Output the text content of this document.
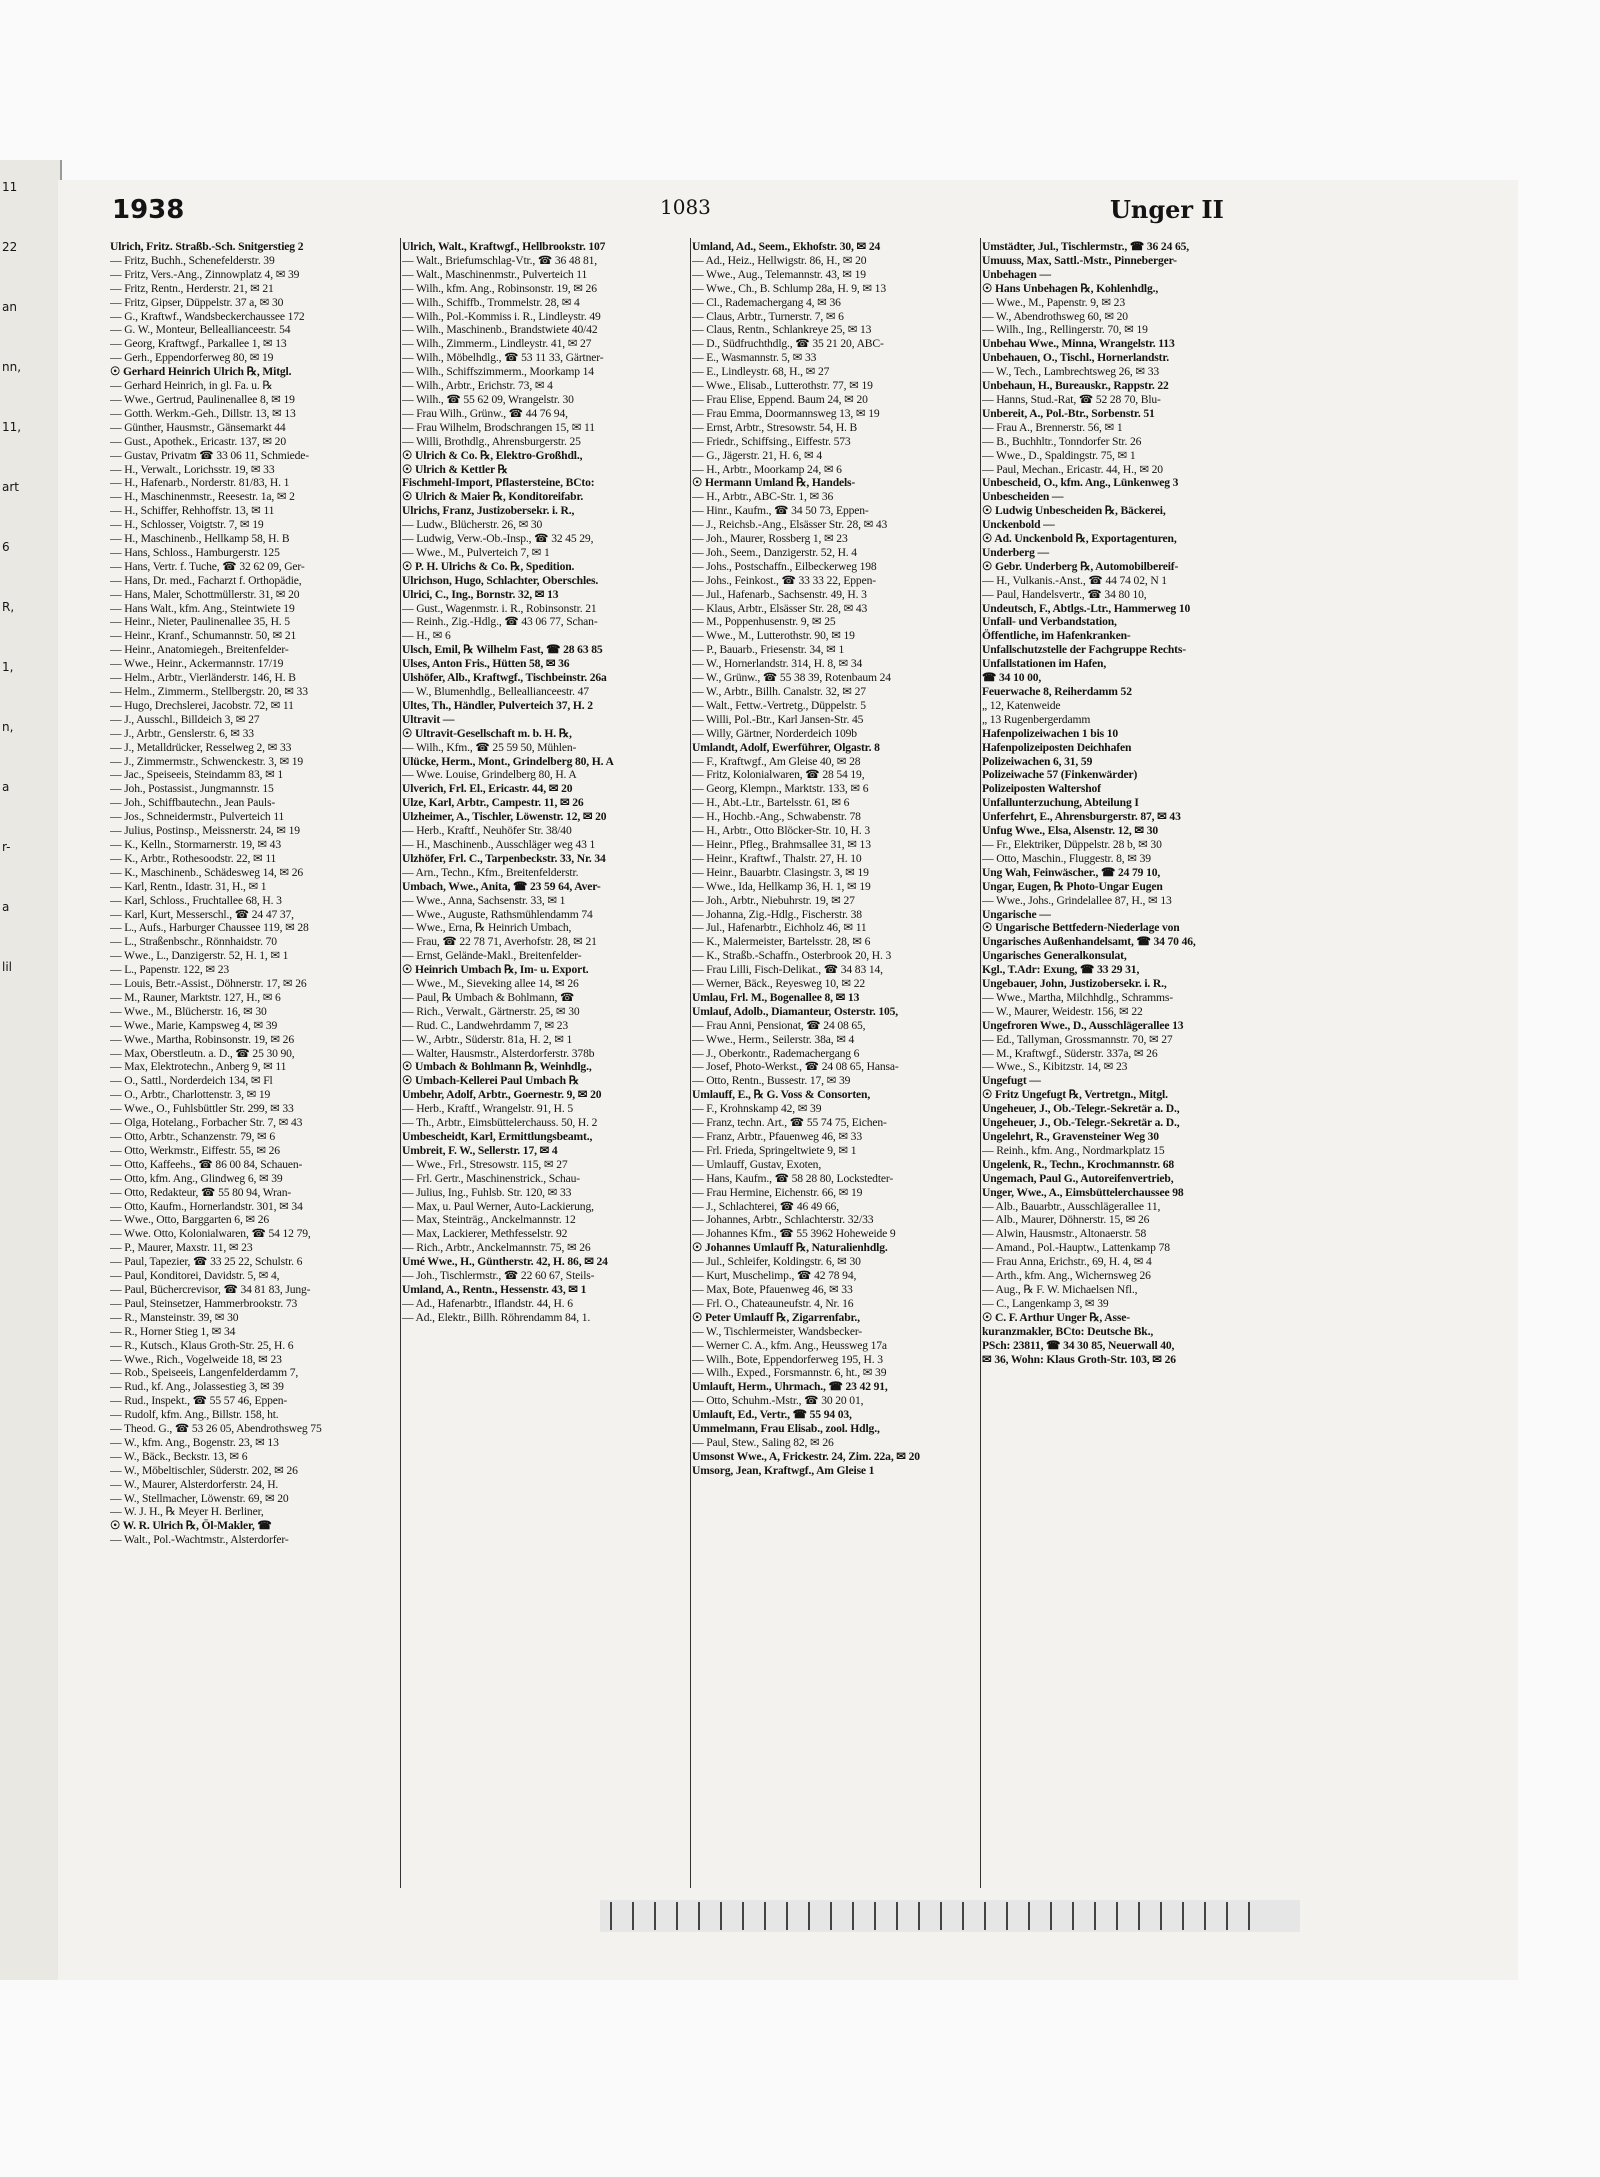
11
22
an
nn,
11,
art
6
R,
1,
n,
a
r-
a
lil
1938	1083	Unger II
Ulrich, Fritz. Straßb.-Sch. Snitgerstieg 2
— Fritz, Buchh., Schenefelderstr. 39
— Fritz, Vers.-Ang., Zinnowplatz 4, ✉ 39
— Fritz, Rentn., Herderstr. 21, ✉ 21
— Fritz, Gipser, Düppelstr. 37 a, ✉ 30
— G., Kraftwf., Wandsbeckerchaussee 172
— G. W., Monteur, Belleallianceestr. 54
— Georg, Kraftwgf., Parkallee 1, ✉ 13
— Gerh., Eppendorferweg 80, ✉ 19
☉ Gerhard Heinrich Ulrich ℞, Mitgl.
— Gerhard Heinrich, in gl. Fa. u. ℞
— Wwe., Gertrud, Paulinenallee 8, ✉ 19
— Gotth. Werkm.-Geh., Dillstr. 13, ✉ 13
— Günther, Hausmstr., Gänsemarkt 44
— Gust., Apothek., Ericastr. 137, ✉ 20
— Gustav, Privatm ☎ 33 06 11, Schmiede-
— H., Verwalt., Lorichsstr. 19, ✉ 33
— H., Hafenarb., Norderstr. 81/83, H. 1
— H., Maschinenmstr., Reesestr. 1a, ✉ 2
— H., Schiffer, Rehhoffstr. 13, ✉ 11
— H., Schlosser, Voigtstr. 7, ✉ 19
— H., Maschinenb., Hellkamp 58, H. B
— Hans, Schloss., Hamburgerstr. 125
— Hans, Vertr. f. Tuche, ☎ 32 62 09, Ger-
— Hans, Dr. med., Facharzt f. Orthopädie,
— Hans, Maler, Schottmüllerstr. 31, ✉ 20
— Hans Walt., kfm. Ang., Steintwiete 19
— Heinr., Nieter, Paulinenallee 35, H. 5
— Heinr., Kranf., Schumannstr. 50, ✉ 21
— Heinr., Anatomiegeh., Breitenfelder-
— Wwe., Heinr., Ackermannstr. 17/19
— Helm., Arbtr., Vierländerstr. 146, H. B
— Helm., Zimmerm., Stellbergstr. 20, ✉ 33
— Hugo, Drechslerei, Jacobstr. 72, ✉ 11
— J., Ausschl., Billdeich 3, ✉ 27
— J., Arbtr., Genslerstr. 6, ✉ 33
— J., Metalldrücker, Resselweg 2, ✉ 33
— J., Zimmermstr., Schwenckestr. 3, ✉ 19
— Jac., Speiseeis, Steindamm 83, ✉ 1
— Joh., Postassist., Jungmannstr. 15
— Joh., Schiffbautechn., Jean Pauls-
— Jos., Schneidermstr., Pulverteich 11
— Julius, Postinsp., Meissnerstr. 24, ✉ 19
— K., Kelln., Stormarnerstr. 19, ✉ 43
— K., Arbtr., Rothesoodstr. 22, ✉ 11
— K., Maschinenb., Schädesweg 14, ✉ 26
— Karl, Rentn., Idastr. 31, H., ✉ 1
— Karl, Schloss., Fruchtallee 68, H. 3
— Karl, Kurt, Messerschl., ☎ 24 47 37,
— L., Aufs., Harburger Chaussee 119, ✉ 28
— L., Straßenbschr., Rönnhaidstr. 70
— Wwe., L., Danzigerstr. 52, H. 1, ✉ 1
— L., Papenstr. 122, ✉ 23
— Louis, Betr.-Assist., Döhnerstr. 17, ✉ 26
— M., Rauner, Marktstr. 127, H., ✉ 6
— Wwe., M., Blücherstr. 16, ✉ 30
— Wwe., Marie, Kampsweg 4, ✉ 39
— Wwe., Martha, Robinsonstr. 19, ✉ 26
— Max, Oberstleutn. a. D., ☎ 25 30 90,
— Max, Elektrotechn., Anberg 9, ✉ 11
— O., Sattl., Norderdeich 134, ✉ Fl
— O., Arbtr., Charlottenstr. 3, ✉ 19
— Wwe., O., Fuhlsbüttler Str. 299, ✉ 33
— Olga, Hotelang., Forbacher Str. 7, ✉ 43
— Otto, Arbtr., Schanzenstr. 79, ✉ 6
— Otto, Werkmstr., Eiffestr. 55, ✉ 26
— Otto, Kaffeehs., ☎ 86 00 84, Schauen-
— Otto, kfm. Ang., Glindweg 6, ✉ 39
— Otto, Redakteur, ☎ 55 80 94, Wran-
— Otto, Kaufm., Hornerlandstr. 301, ✉ 34
— Wwe., Otto, Barggarten 6, ✉ 26
— Wwe. Otto, Kolonialwaren, ☎ 54 12 79,
— P., Maurer, Maxstr. 11, ✉ 23
— Paul, Tapezier, ☎ 33 25 22, Schulstr. 6
— Paul, Konditorei, Davidstr. 5, ✉ 4,
— Paul, Büchercrevisor, ☎ 34 81 83, Jung-
— Paul, Steinsetzer, Hammerbrookstr. 73
— R., Mansteinstr. 39, ✉ 30
— R., Horner Stieg 1, ✉ 34
— R., Kutsch., Klaus Groth-Str. 25, H. 6
— Wwe., Rich., Vogelweide 18, ✉ 23
— Rob., Speiseeis, Langenfelderdamm 7,
— Rud., kf. Ang., Jolassestieg 3, ✉ 39
— Rud., Inspekt., ☎ 55 57 46, Eppen-
— Rudolf, kfm. Ang., Billstr. 158, ht.
— Theod. G., ☎ 53 26 05, Abendrothsweg 75
— W., kfm. Ang., Bogenstr. 23, ✉ 13
— W., Bäck., Beckstr. 13, ✉ 6
— W., Möbeltischler, Süderstr. 202, ✉ 26
— W., Maurer, Alsterdorferstr. 24, H.
— W., Stellmacher, Löwenstr. 69, ✉ 20
— W. J. H., ℞ Meyer H. Berliner,
☉ W. R. Ulrich ℞, Öl-Makler, ☎
— Walt., Pol.-Wachtmstr., Alsterdorfer-
Ulrich, Walt., Kraftwgf., Hellbrookstr. 107
— Walt., Briefumschlag-Vtr., ☎ 36 48 81,
— Walt., Maschinenmstr., Pulverteich 11
— Wilh., kfm. Ang., Robinsonstr. 19, ✉ 26
— Wilh., Schiffb., Trommelstr. 28, ✉ 4
— Wilh., Pol.-Kommiss i. R., Lindleystr. 49
— Wilh., Maschinenb., Brandstwiete 40/42
— Wilh., Zimmerm., Lindleystr. 41, ✉ 27
— Wilh., Möbelhdlg., ☎ 53 11 33, Gärtner-
— Wilh., Schiffszimmerm., Moorkamp 14
— Wilh., Arbtr., Erichstr. 73, ✉ 4
— Wilh., ☎ 55 62 09, Wrangelstr. 30
— Frau Wilh., Grünw., ☎ 44 76 94,
— Frau Wilhelm, Brodschrangen 15, ✉ 11
— Willi, Brothdlg., Ahrensburgerstr. 25
☉ Ulrich & Co. ℞, Elektro-Großhdl.,
☉ Ulrich & Kettler ℞
Fischmehl-Import, Pflastersteine, BCto:
☉ Ulrich & Maier ℞, Konditoreifabr.
Ulrichs, Franz, Justizobersekr. i. R.,
— Ludw., Blücherstr. 26, ✉ 30
— Ludwig, Verw.-Ob.-Insp., ☎ 32 45 29,
— Wwe., M., Pulverteich 7, ✉ 1
☉ P. H. Ulrichs & Co. ℞, Spedition.
Ulrichson, Hugo, Schlachter, Oberschles.
Ulrici, C., Ing., Bornstr. 32, ✉ 13
— Gust., Wagenmstr. i. R., Robinsonstr. 21
— Reinh., Zig.-Hdlg., ☎ 43 06 77, Schan-
— H., ✉ 6
Ulsch, Emil, ℞ Wilhelm Fast, ☎ 28 63 85
Ulses, Anton Fris., Hütten 58, ✉ 36
Ulshöfer, Alb., Kraftwgf., Tischbeinstr. 26a
— W., Blumenhdlg., Belleallianceestr. 47
Ultes, Th., Händler, Pulverteich 37, H. 2
Ultravit —
☉ Ultravit-Gesellschaft m. b. H. ℞,
— Wilh., Kfm., ☎ 25 59 50, Mühlen-
Ulücke, Herm., Mont., Grindelberg 80, H. A
— Wwe. Louise, Grindelberg 80, H. A
Ulverich, Frl. El., Ericastr. 44, ✉ 20
Ulze, Karl, Arbtr., Campestr. 11, ✉ 26
Ulzheimer, A., Tischler, Löwenstr. 12, ✉ 20
— Herb., Kraftf., Neuhöfer Str. 38/40
— H., Maschinenb., Ausschläger weg 43 1
Ulzhöfer, Frl. C., Tarpenbeckstr. 33, Nr. 34
— Arn., Techn., Kfm., Breitenfelderstr.
Umbach, Wwe., Anita, ☎ 23 59 64, Aver-
— Wwe., Anna, Sachsenstr. 33, ✉ 1
— Wwe., Auguste, Rathsmühlendamm 74
— Wwe., Erna, ℞ Heinrich Umbach,
— Frau, ☎ 22 78 71, Averhofstr. 28, ✉ 21
— Ernst, Gelände-Makl., Breitenfelder-
☉ Heinrich Umbach ℞, Im- u. Export.
— Wwe., M., Sieveking allee 14, ✉ 26
— Paul, ℞ Umbach & Bohlmann, ☎
— Rich., Verwalt., Gärtnerstr. 25, ✉ 30
— Rud. C., Landwehrdamm 7, ✉ 23
— W., Arbtr., Süderstr. 81a, H. 2, ✉ 1
— Walter, Hausmstr., Alsterdorferstr. 378b
☉ Umbach & Bohlmann ℞, Weinhdlg.,
☉ Umbach-Kellerei Paul Umbach ℞
Umbehr, Adolf, Arbtr., Goernestr. 9, ✉ 20
— Herb., Kraftf., Wrangelstr. 91, H. 5
— Th., Arbtr., Eimsbüttelerchauss. 50, H. 2
Umbescheidt, Karl, Ermittlungsbeamt.,
Umbreit, F. W., Sellerstr. 17, ✉ 4
— Wwe., Frl., Stresowstr. 115, ✉ 27
— Frl. Gertr., Maschinenstrick., Schau-
— Julius, Ing., Fuhlsb. Str. 120, ✉ 33
— Max, u. Paul Werner, Auto-Lackierung,
— Max, Steinträg., Anckelmannstr. 12
— Max, Lackierer, Methfesselstr. 92
— Rich., Arbtr., Anckelmannstr. 75, ✉ 26
Umé Wwe., H., Güntherstr. 42, H. 86, ✉ 24
— Joh., Tischlermstr., ☎ 22 60 67, Steils-
Umland, A., Rentn., Hessenstr. 43, ✉ 1
— Ad., Hafenarbtr., Iflandstr. 44, H. 6
— Ad., Elektr., Billh. Röhrendamm 84, 1.
Umland, Ad., Seem., Ekhofstr. 30, ✉ 24
— Ad., Heiz., Hellwigstr. 86, H., ✉ 20
— Wwe., Aug., Telemannstr. 43, ✉ 19
— Wwe., Ch., B. Schlump 28a, H. 9, ✉ 13
— Cl., Rademachergang 4, ✉ 36
— Claus, Arbtr., Turnerstr. 7, ✉ 6
— Claus, Rentn., Schlankreye 25, ✉ 13
— D., Südfruchthdlg., ☎ 35 21 20, ABC-
— E., Wasmannstr. 5, ✉ 33
— E., Lindleystr. 68, H., ✉ 27
— Wwe., Elisab., Lutterothstr. 77, ✉ 19
— Frau Elise, Eppend. Baum 24, ✉ 20
— Frau Emma, Doormannsweg 13, ✉ 19
— Ernst, Arbtr., Stresowstr. 54, H. B
— Friedr., Schiffsing., Eiffestr. 573
— G., Jägerstr. 21, H. 6, ✉ 4
— H., Arbtr., Moorkamp 24, ✉ 6
☉ Hermann Umland ℞, Handels-
— H., Arbtr., ABC-Str. 1, ✉ 36
— Hinr., Kaufm., ☎ 34 50 73, Eppen-
— J., Reichsb.-Ang., Elsässer Str. 28, ✉ 43
— Joh., Maurer, Rossberg 1, ✉ 23
— Joh., Seem., Danzigerstr. 52, H. 4
— Johs., Postschaffn., Eilbeckerweg 198
— Johs., Feinkost., ☎ 33 33 22, Eppen-
— Jul., Hafenarb., Sachsenstr. 49, H. 3
— Klaus, Arbtr., Elsässer Str. 28, ✉ 43
— M., Poppenhusenstr. 9, ✉ 25
— Wwe., M., Lutterothstr. 90, ✉ 19
— P., Bauarb., Friesenstr. 34, ✉ 1
— W., Hornerlandstr. 314, H. 8, ✉ 34
— W., Grünw., ☎ 55 38 39, Rotenbaum 24
— W., Arbtr., Billh. Canalstr. 32, ✉ 27
— Walt., Fettw.-Vertretg., Düppelstr. 5
— Willi, Pol.-Btr., Karl Jansen-Str. 45
— Willy, Gärtner, Norderdeich 109b
Umlandt, Adolf, Ewerführer, Olgastr. 8
— F., Kraftwgf., Am Gleise 40, ✉ 28
— Fritz, Kolonialwaren, ☎ 28 54 19,
— Georg, Klempn., Marktstr. 133, ✉ 6
— H., Abt.-Ltr., Bartelsstr. 61, ✉ 6
— H., Hochb.-Ang., Schwabenstr. 78
— H., Arbtr., Otto Blöcker-Str. 10, H. 3
— Heinr., Pfleg., Brahmsallee 31, ✉ 13
— Heinr., Kraftwf., Thalstr. 27, H. 10
— Heinr., Bauarbtr. Clasingstr. 3, ✉ 19
— Wwe., Ida, Hellkamp 36, H. 1, ✉ 19
— Joh., Arbtr., Niebuhrstr. 19, ✉ 27
— Johanna, Zig.-Hdlg., Fischerstr. 38
— Jul., Hafenarbtr., Eichholz 46, ✉ 11
— K., Malermeister, Bartelsstr. 28, ✉ 6
— K., Straßb.-Schaffn., Osterbrook 20, H. 3
— Frau Lilli, Fisch-Delikat., ☎ 34 83 14,
— Werner, Bäck., Reyesweg 10, ✉ 22
Umlau, Frl. M., Bogenallee 8, ✉ 13
Umlauf, Adolb., Diamanteur, Osterstr. 105,
— Frau Anni, Pensionat, ☎ 24 08 65,
— Wwe., Herm., Seilerstr. 38a, ✉ 4
— J., Oberkontr., Rademachergang 6
— Josef, Photo-Werkst., ☎ 24 08 65, Hansa-
— Otto, Rentn., Bussestr. 17, ✉ 39
Umlauff, E., ℞ G. Voss & Consorten,
— F., Krohnskamp 42, ✉ 39
— Franz, techn. Art., ☎ 55 74 75, Eichen-
— Franz, Arbtr., Pfauenweg 46, ✉ 33
— Frl. Frieda, Springeltwiete 9, ✉ 1
— Umlauff, Gustav, Exoten,
— Hans, Kaufm., ☎ 58 28 80, Lockstedter-
— Frau Hermine, Eichenstr. 66, ✉ 19
— J., Schlachterei, ☎ 46 49 66,
— Johannes, Arbtr., Schlachterstr. 32/33
— Johannes Kfm., ☎ 55 3962 Hoheweide 9
☉ Johannes Umlauff ℞, Naturalienhdlg.
— Jul., Schleifer, Koldingstr. 6, ✉ 30
— Kurt, Muschelimp., ☎ 42 78 94,
— Max, Bote, Pfauenweg 46, ✉ 33
— Frl. O., Chateauneufstr. 4, Nr. 16
☉ Peter Umlauff ℞, Zigarrenfabr.,
— W., Tischlermeister, Wandsbecker-
— Werner C. A., kfm. Ang., Heussweg 17a
— Wilh., Bote, Eppendorferweg 195, H. 3
— Wilh., Exped., Forsmannstr. 6, ht., ✉ 39
Umlauft, Herm., Uhrmach., ☎ 23 42 91,
— Otto, Schuhm.-Mstr., ☎ 30 20 01,
Umlauft, Ed., Vertr., ☎ 55 94 03,
Ummelmann, Frau Elisab., zool. Hdlg.,
— Paul, Stew., Saling 82, ✉ 26
Umsonst Wwe., A, Frickestr. 24, Zim. 22a, ✉ 20
Umsorg, Jean, Kraftwgf., Am Gleise 1
Umstädter, Jul., Tischlermstr., ☎ 36 24 65,
Umuuss, Max, Sattl.-Mstr., Pinneberger-
Unbehagen —
☉ Hans Unbehagen ℞, Kohlenhdlg.,
— Wwe., M., Papenstr. 9, ✉ 23
— W., Abendrothsweg 60, ✉ 20
— Wilh., Ing., Rellingerstr. 70, ✉ 19
Unbehau Wwe., Minna, Wrangelstr. 113
Unbehauen, O., Tischl., Hornerlandstr.
— W., Tech., Lambrechtsweg 26, ✉ 33
Unbehaun, H., Bureauskr., Rappstr. 22
— Hanns, Stud.-Rat, ☎ 52 28 70, Blu-
Unbereit, A., Pol.-Btr., Sorbenstr. 51
— Frau A., Brennerstr. 56, ✉ 1
— B., Buchhltr., Tonndorfer Str. 26
— Wwe., D., Spaldingstr. 75, ✉ 1
— Paul, Mechan., Ericastr. 44, H., ✉ 20
Unbescheid, O., kfm. Ang., Lünkenweg 3
Unbescheiden —
☉ Ludwig Unbescheiden ℞, Bäckerei,
Unckenbold —
☉ Ad. Unckenbold ℞, Exportagenturen,
Underberg —
☉ Gebr. Underberg ℞, Automobilbereif-
— H., Vulkanis.-Anst., ☎ 44 74 02, N 1
— Paul, Handelsvertr., ☎ 34 80 10,
Undeutsch, F., Abtlgs.-Ltr., Hammerweg 10
Unfall- und Verbandstation,
Öffentliche, im Hafenkranken-
Unfallschutzstelle der Fachgruppe Rechts-
Unfallstationen im Hafen,
☎ 34 10 00,
Feuerwache 8, Reiherdamm 52
„ 12, Katenweide
„ 13 Rugenbergerdamm
Hafenpolizeiwachen 1 bis 10
Hafenpolizeiposten Deichhafen
Polizeiwachen 6, 31, 59
Polizeiwache 57 (Finkenwärder)
Polizeiposten Waltershof
Unfallunterzuchung, Abteilung I
Unferfehrt, E., Ahrensburgerstr. 87, ✉ 43
Unfug Wwe., Elsa, Alsenstr. 12, ✉ 30
— Fr., Elektriker, Düppelstr. 28 b, ✉ 30
— Otto, Maschin., Fluggestr. 8, ✉ 39
Ung Wah, Feinwäscher., ☎ 24 79 10,
Ungar, Eugen, ℞ Photo-Ungar Eugen
— Wwe., Johs., Grindelallee 87, H., ✉ 13
Ungarische —
☉ Ungarische Bettfedern-Niederlage von
Ungarisches Außenhandelsamt, ☎ 34 70 46,
Ungarisches Generalkonsulat,
Kgl., T.Adr: Exung, ☎ 33 29 31,
Ungebauer, John, Justizobersekr. i. R.,
— Wwe., Martha, Milchhdlg., Schramms-
— W., Maurer, Weidestr. 156, ✉ 22
Ungefroren Wwe., D., Ausschlägerallee 13
— Ed., Tallyman, Grossmannstr. 70, ✉ 27
— M., Kraftwgf., Süderstr. 337a, ✉ 26
— Wwe., S., Kibitzstr. 14, ✉ 23
Ungefugt —
☉ Fritz Ungefugt ℞, Vertretgn., Mitgl.
Ungeheuer, J., Ob.-Telegr.-Sekretär a. D.,
Ungeheuer, J., Ob.-Telegr.-Sekretär a. D.,
Ungelehrt, R., Gravensteiner Weg 30
— Reinh., kfm. Ang., Nordmarkplatz 15
Ungelenk, R., Techn., Krochmannstr. 68
Ungemach, Paul G., Autoreifenvertrieb,
Unger, Wwe., A., Eimsbüttelerchaussee 98
— Alb., Bauarbtr., Ausschlägerallee 11,
— Alb., Maurer, Döhnerstr. 15, ✉ 26
— Alwin, Hausmstr., Altonaerstr. 58
— Amand., Pol.-Hauptw., Lattenkamp 78
— Frau Anna, Erichstr., 69, H. 4, ✉ 4
— Arth., kfm. Ang., Wichernsweg 26
— Aug., ℞ F. W. Michaelsen Nfl.,
— C., Langenkamp 3, ✉ 39
☉ C. F. Arthur Unger ℞, Asse-
kuranzmakler, BCto: Deutsche Bk.,
PSch: 23811, ☎ 34 30 85, Neuerwall 40,
✉ 36, Wohn: Klaus Groth-Str. 103, ✉ 26
